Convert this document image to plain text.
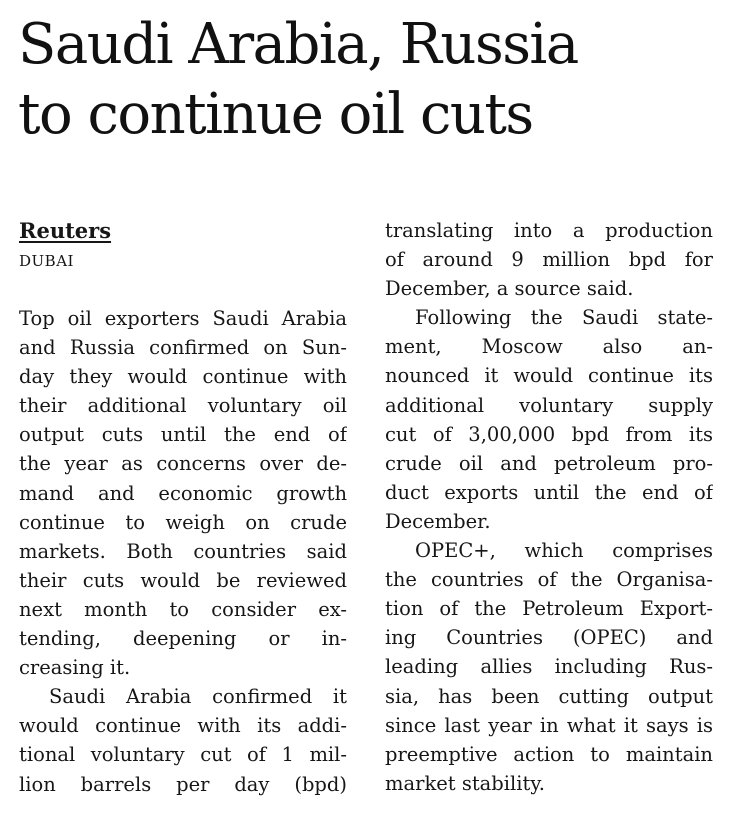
Saudi Arabia, Russia
to continue oil cuts

Reuters

DUBAI

Top oil exporters Saudi Arabia
and Russia confirmed on Sun-
day they would continue with
their additional voluntary oil
output cuts until the end of
the year as concerns over de-
mand and economic growth
continue to weigh on crude
markets. Both countries said
their cuts would be reviewed
next month to consider ex-
tending, deepening or in-
creasing it.
Saudi Arabia confirmed it
would continue with its addi-
tional voluntary cut of 1 mil-
lion barrels per day (bpd)
translating into a production
of around 9 million bpd for
December, a source said.
Following the Saudi state-
ment, Moscow also an-
nounced it would continue its
additional voluntary supply
cut of 3,00,000 bpd from its
crude oil and petroleum pro-
duct exports until the end of
December.
OPEC+, which comprises
the countries of the Organisa-
tion of the Petroleum Export-
ing Countries (OPEC) and
leading allies including Rus-
sia, has been cutting output
since last year in what it says is
preemptive action to maintain
market stability.
